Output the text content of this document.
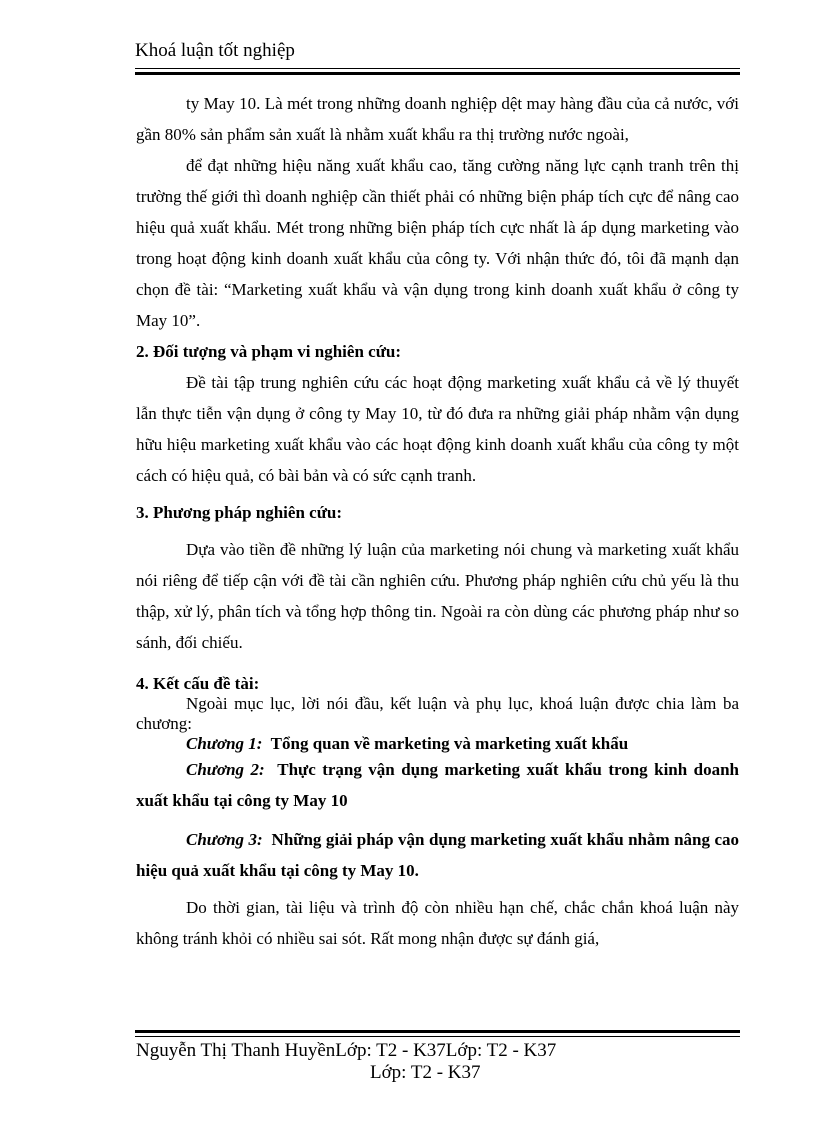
Khoá luận tốt nghiệp

ty May 10. Là mét trong những doanh nghiệp dệt may hàng đầu của cả nước, với gần 80% sản phẩm sản xuất là nhằm xuất khẩu ra thị trường nước ngoài,

để đạt những hiệu năng xuất khẩu cao, tăng cường năng lực cạnh tranh trên thị trường thế giới thì doanh nghiệp cần thiết phải có những biện pháp tích cực để nâng cao hiệu quả xuất khẩu. Mét trong những biện pháp tích cực nhất là áp dụng marketing vào trong hoạt động kinh doanh xuất khẩu của công ty. Với nhận thức đó, tôi đã mạnh dạn chọn đề tài: “Marketing xuất khẩu và vận dụng trong kinh doanh xuất khẩu ở công ty May 10”.

2. Đối tượng và phạm vi nghiên cứu:

Đề tài tập trung nghiên cứu các hoạt động marketing xuất khẩu cả về lý thuyết lẫn thực tiễn vận dụng ở công ty May 10, từ đó đưa ra những giải pháp nhằm vận dụng hữu hiệu marketing xuất khẩu vào các hoạt động kinh doanh xuất khẩu của công ty một cách có hiệu quả, có bài bản và có sức cạnh tranh.

3. Phương pháp nghiên cứu:

Dựa vào tiền đề những lý luận của marketing nói chung và marketing xuất khẩu nói riêng để tiếp cận với đề tài cần nghiên cứu. Phương pháp nghiên cứu chủ yếu là thu thập, xử lý, phân tích và tổng hợp thông tin. Ngoài ra còn dùng các phương pháp như so sánh, đối chiếu.

4. Kết cấu đề tài:

Ngoài mục lục, lời nói đầu, kết luận và phụ lục, khoá luận được chia làm ba chương:

Chương 1: Tổng quan về marketing và marketing xuất khẩu

Chương 2: Thực trạng vận dụng marketing xuất khẩu trong kinh doanh xuất khẩu tại công ty May 10

Chương 3: Những giải pháp vận dụng marketing xuất khẩu nhằm nâng cao hiệu quả xuất khẩu tại công ty May 10.

Do thời gian, tài liệu và trình độ còn nhiều hạn chế, chắc chắn khoá luận này không tránh khỏi có nhiều sai sót. Rất mong nhận được sự đánh giá,

Nguyễn Thị Thanh HuyềnLớp: T2 - K37Lớp: T2 - K37
Lớp: T2 - K37
